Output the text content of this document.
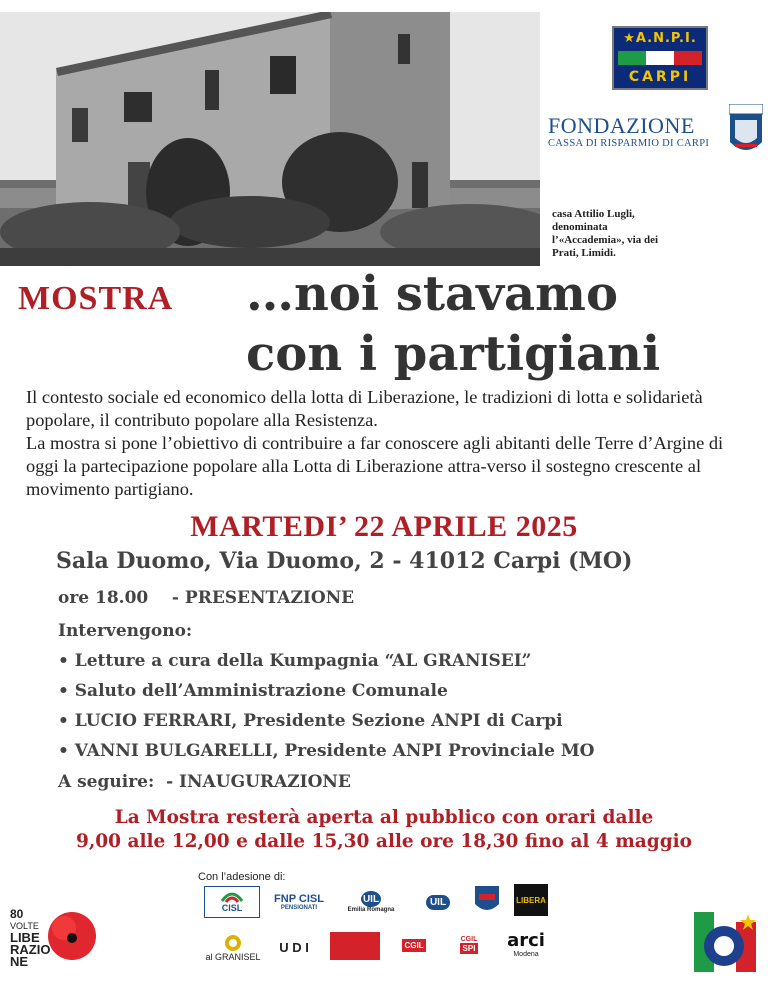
★A.N.P.I.
CARPI
FONDAZIONE
CASSA DI RISPARMIO DI CARPI
casa Attilio Lugli, denominata l’«Accademia», via dei Prati, Limidi.
MOSTRA …noi stavamo
con i partigiani

Il contesto sociale ed economico della lotta di Liberazione, le tradizioni di lotta e solidarietà popolare, il contributo popolare alla Resistenza.

La mostra si pone l’obiettivo di contribuire a far conoscere agli abitanti delle Terre d’Argine di oggi la partecipazione popolare alla Lotta di Liberazione attra-verso il sostegno crescente al movimento partigiano.

MARTEDI’ 22 APRILE 2025
Sala Duomo, Via Duomo, 2 - 41012 Carpi (MO)
ore 18.00    - PRESENTAZIONE
Intervengono:
• Letture a cura della Kumpagnia “AL GRANISEL”
• Saluto dell’Amministrazione Comunale
• LUCIO FERRARI, Presidente Sezione ANPI di Carpi
• VANNI BULGARELLI, Presidente ANPI Provinciale MO
A seguire:  - INAUGURAZIONE
La Mostra resterà aperta al pubblico con orari dalle
9,00 alle 12,00 e dalle 15,30 alle ore 18,30 fino al 4 maggio
Con l’adesione di:
CISL
FNP CISL
PENSIONATI
UIL
Emilia Romagna
UIL	LIBERA
al GRANISEL
U D I	CGIL
CGIL
SPI arci
Modena
80
VOLTE
LIBE
RAZIO
NE
